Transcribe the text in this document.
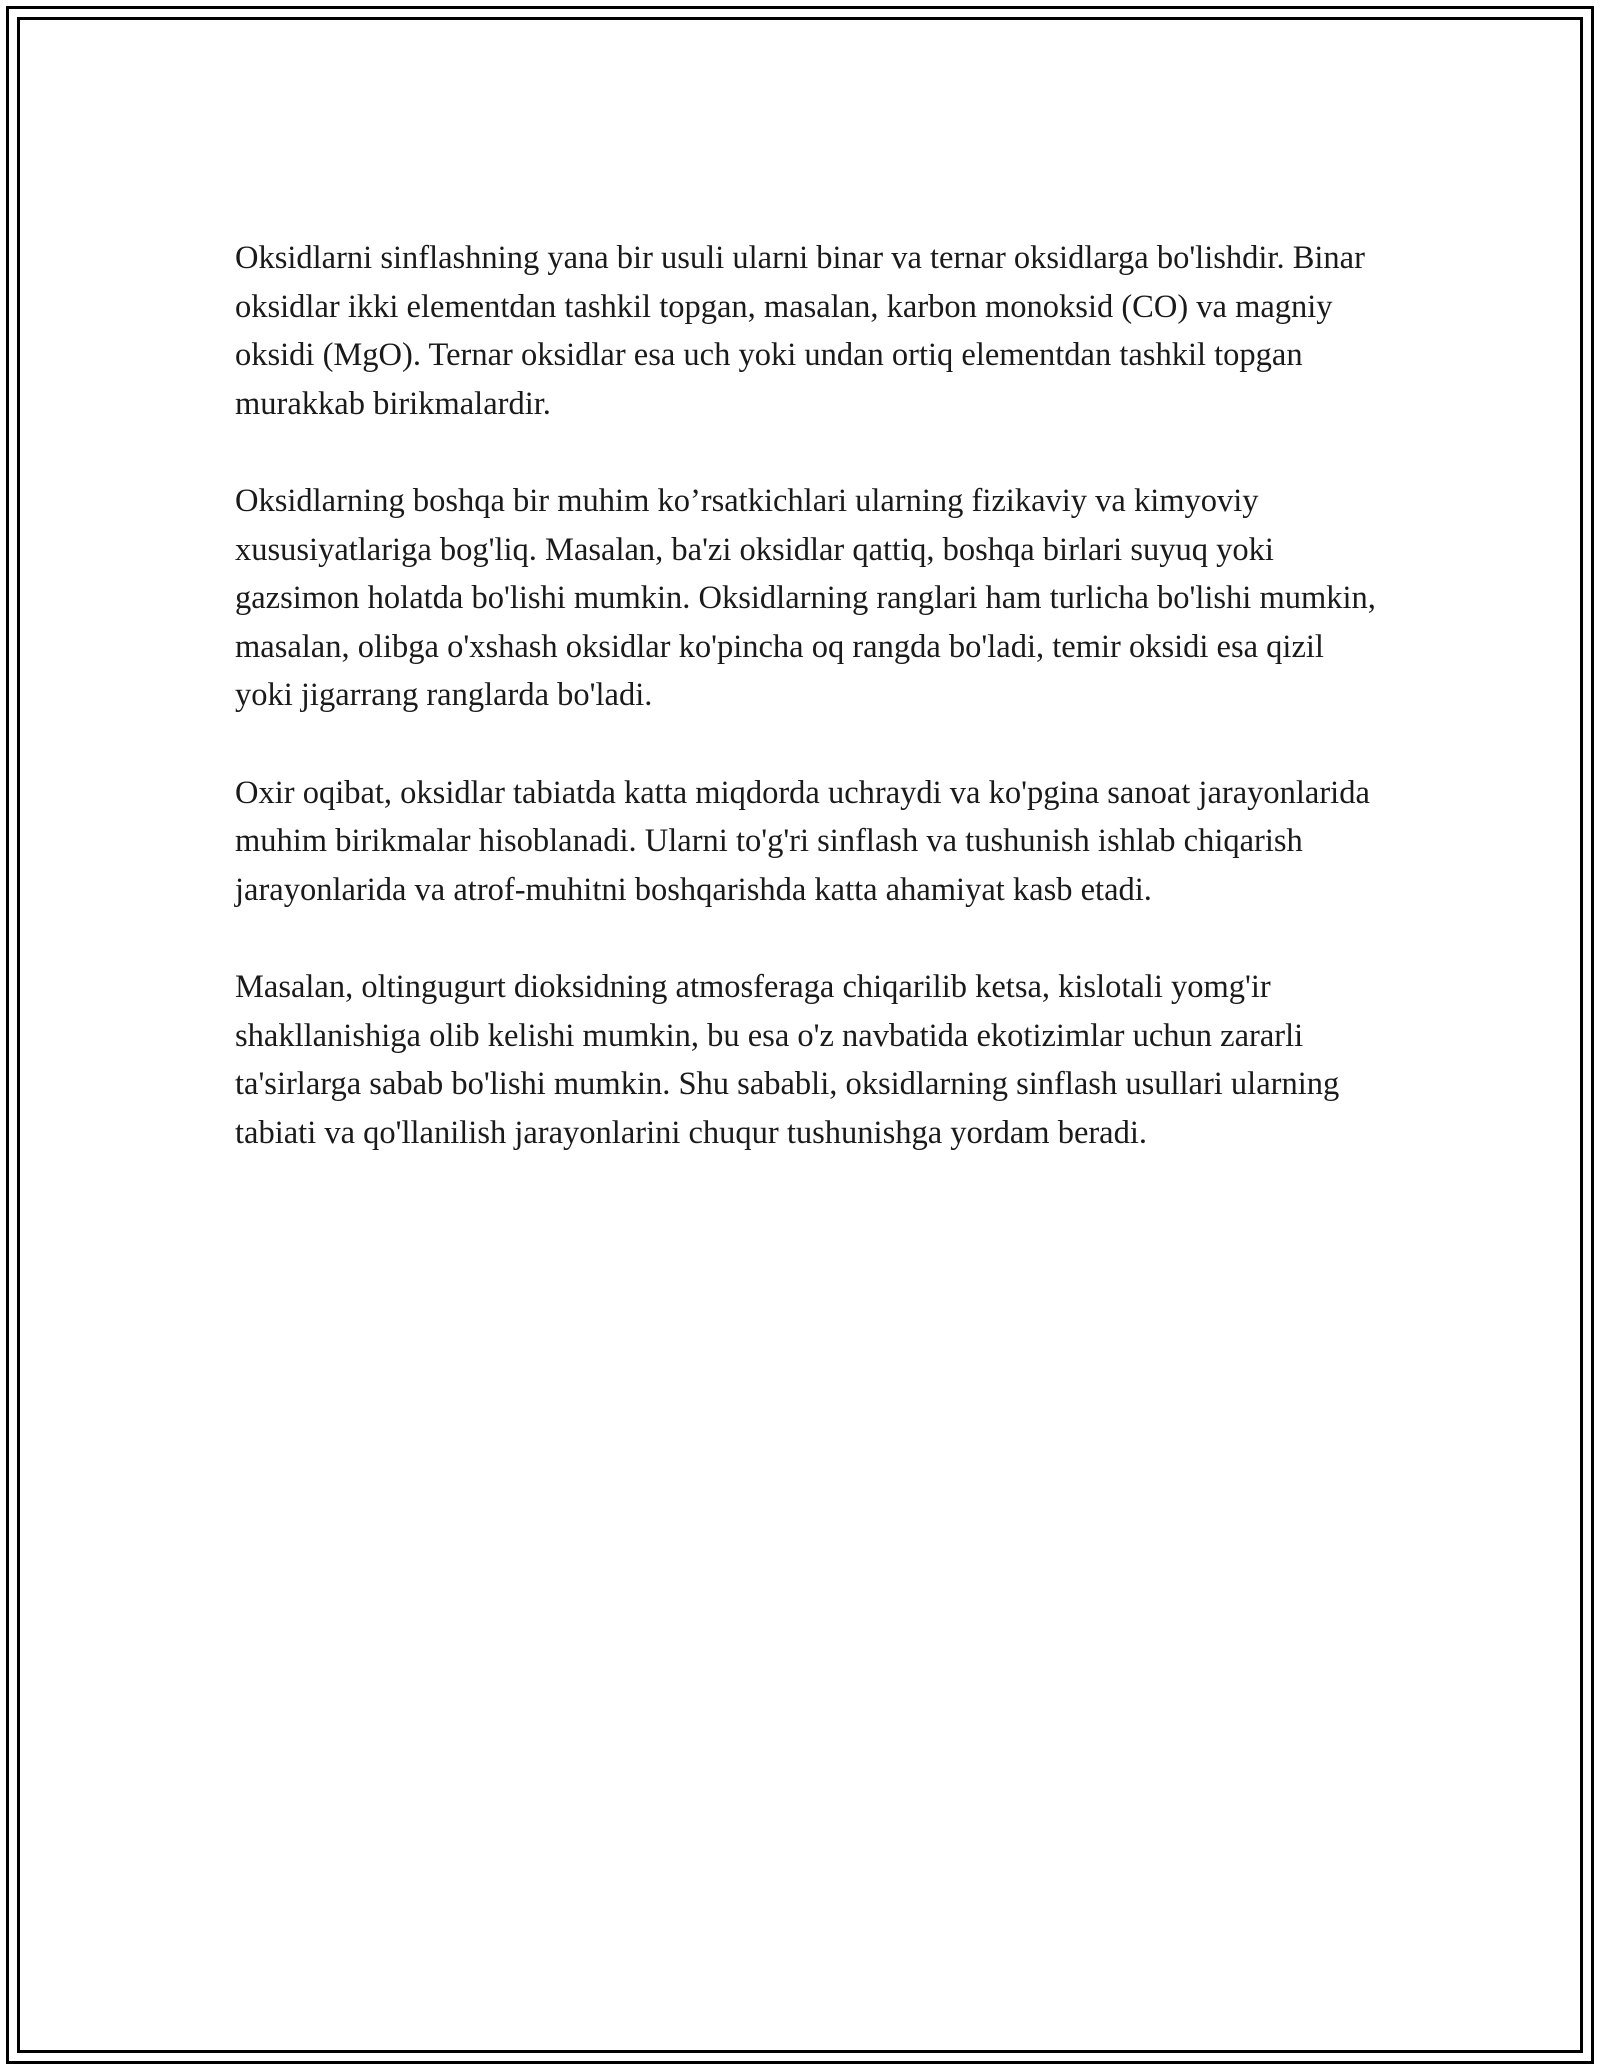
Oksidlarni sinflashning yana bir usuli ularni binar va ternar oksidlarga bo'lishdir. Binar oksidlar ikki elementdan tashkil topgan, masalan, karbon monoksid (CO) va magniy oksidi (MgO). Ternar oksidlar esa uch yoki undan ortiq elementdan tashkil topgan murakkab birikmalardir.

Oksidlarning boshqa bir muhim ko’rsatkichlari ularning fizikaviy va kimyoviy xususiyatlariga bog'liq. Masalan, ba'zi oksidlar qattiq, boshqa birlari suyuq yoki gazsimon holatda bo'lishi mumkin. Oksidlarning ranglari ham turlicha bo'lishi mumkin, masalan, olibga o'xshash oksidlar ko'pincha oq rangda bo'ladi, temir oksidi esa qizil yoki jigarrang ranglarda bo'ladi.

Oxir oqibat, oksidlar tabiatda katta miqdorda uchraydi va ko'pgina sanoat jarayonlarida muhim birikmalar hisoblanadi. Ularni to'g'ri sinflash va tushunish ishlab chiqarish jarayonlarida va atrof-muhitni boshqarishda katta ahamiyat kasb etadi.

Masalan, oltingugurt dioksidning atmosferaga chiqarilib ketsa, kislotali yomg'ir shakllanishiga olib kelishi mumkin, bu esa o'z navbatida ekotizimlar uchun zararli ta'sirlarga sabab bo'lishi mumkin. Shu sababli, oksidlarning sinflash usullari ularning tabiati va qo'llanilish jarayonlarini chuqur tushunishga yordam beradi.
